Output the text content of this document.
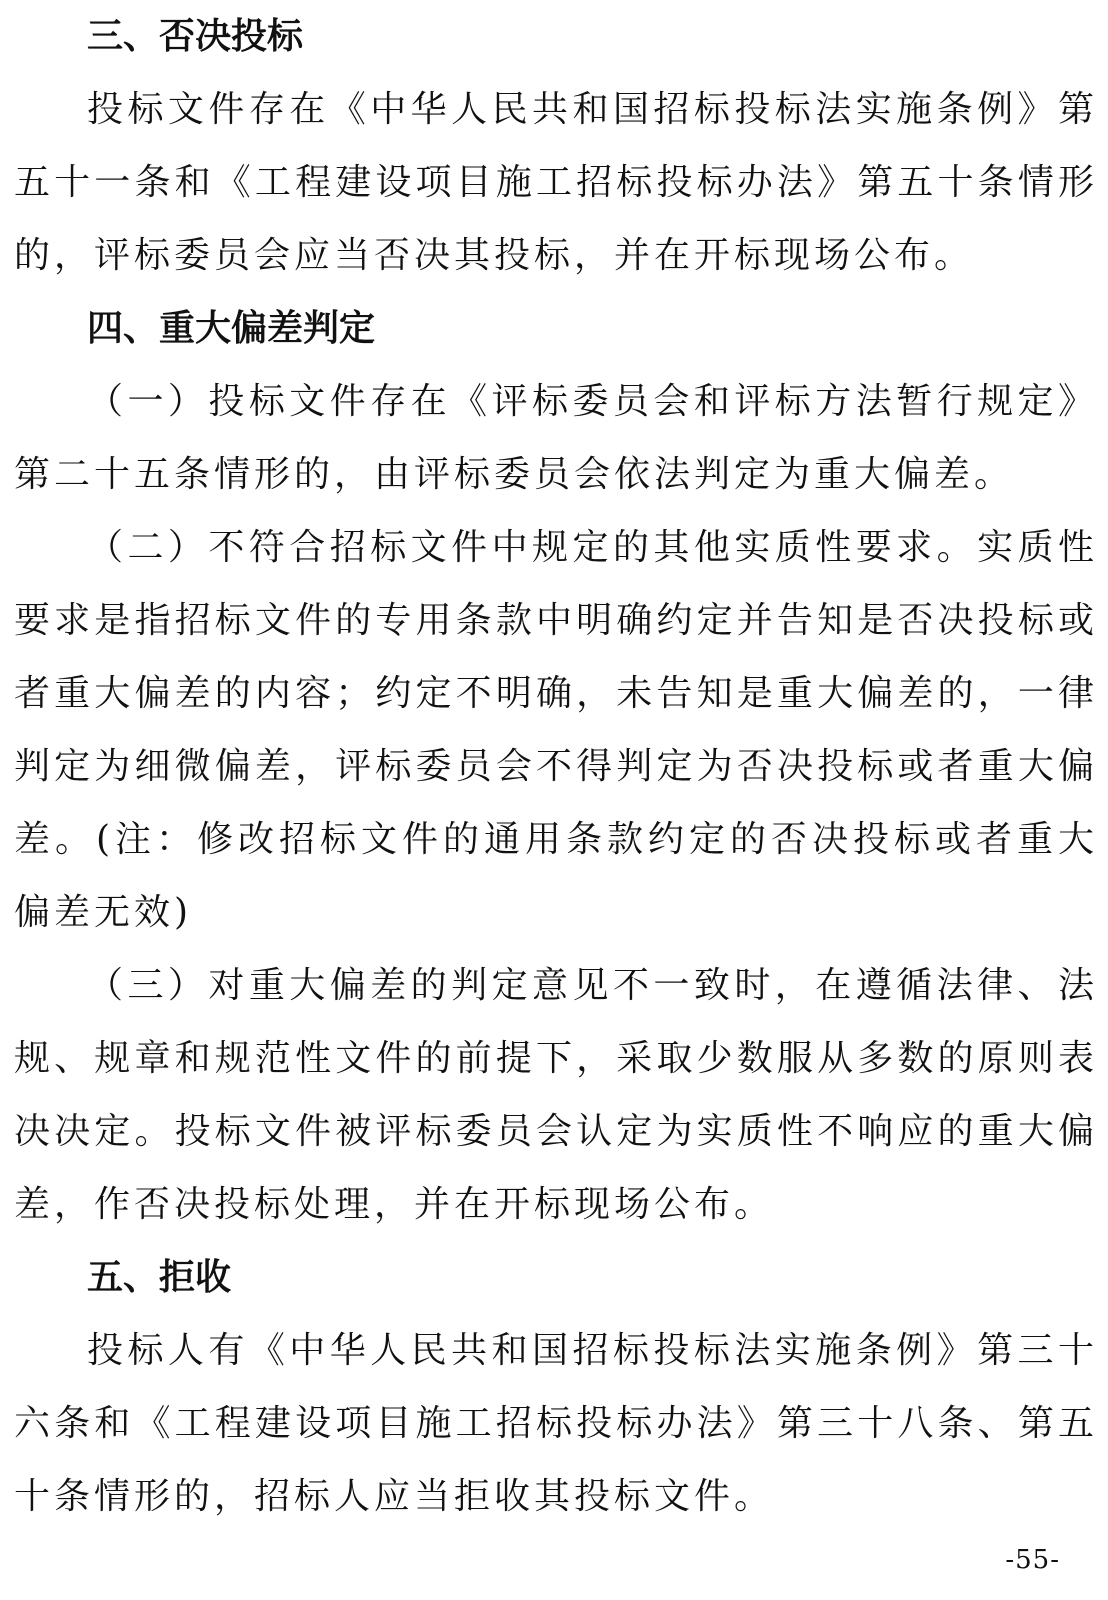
三、否决投标

投标文件存在《中华人民共和国招标投标法实施条例》第五十一条和《工程建设项目施工招标投标办法》第五十条情形的，评标委员会应当否决其投标，并在开标现场公布。

四、重大偏差判定

（一）投标文件存在《评标委员会和评标方法暂行规定》第二十五条情形的，由评标委员会依法判定为重大偏差。

（二）不符合招标文件中规定的其他实质性要求。实质性要求是指招标文件的专用条款中明确约定并告知是否决投标或者重大偏差的内容；约定不明确，未告知是重大偏差的，一律判定为细微偏差，评标委员会不得判定为否决投标或者重大偏差。(注：修改招标文件的通用条款约定的否决投标或者重大偏差无效)

（三）对重大偏差的判定意见不一致时，在遵循法律、法规、规章和规范性文件的前提下，采取少数服从多数的原则表决决定。投标文件被评标委员会认定为实质性不响应的重大偏差，作否决投标处理，并在开标现场公布。

五、拒收

投标人有《中华人民共和国招标投标法实施条例》第三十六条和《工程建设项目施工招标投标办法》第三十八条、第五十条情形的，招标人应当拒收其投标文件。

-55-
